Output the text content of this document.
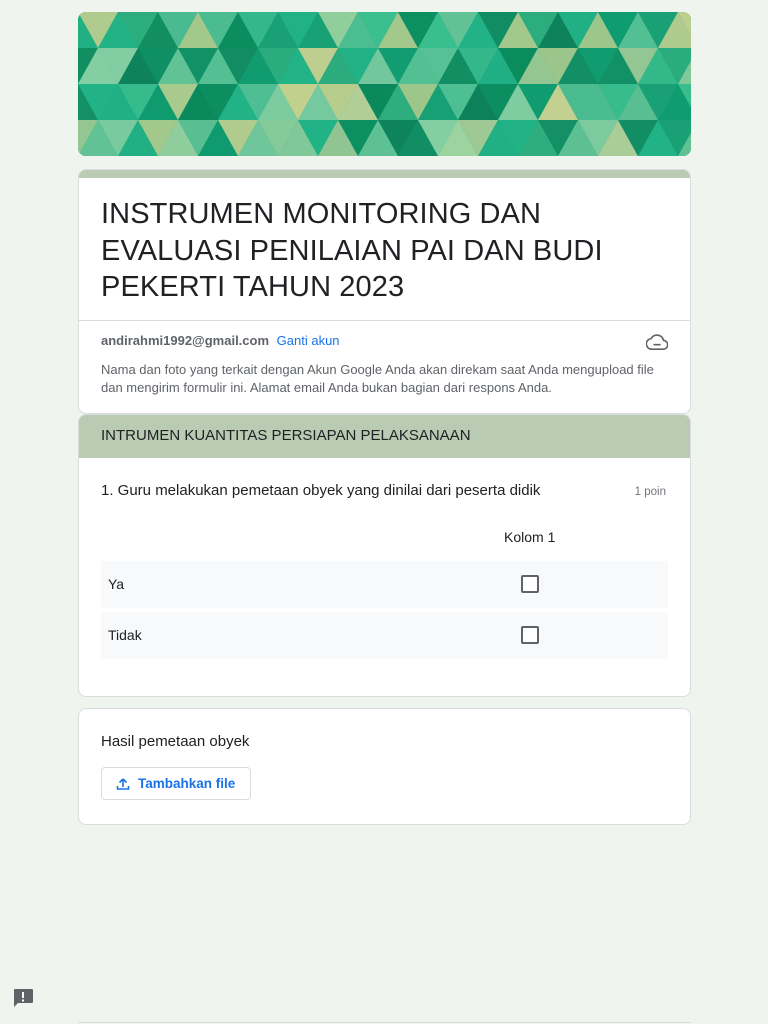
INSTRUMEN MONITORING DAN EVALUASI PENILAIAN PAI DAN BUDI PEKERTI TAHUN 2023
andirahmi1992@gmail.com Ganti akun
Nama dan foto yang terkait dengan Akun Google Anda akan direkam saat Anda mengupload file dan mengirim formulir ini. Alamat email Anda bukan bagian dari respons Anda.
INTRUMEN KUANTITAS PERSIAPAN PELAKSANAAN
1. Guru melakukan pemetaan obyek yang dinilai dari peserta didik	1 poin
Kolom 1
Ya
Tidak
Hasil pemetaan obyek
Tambahkan file
